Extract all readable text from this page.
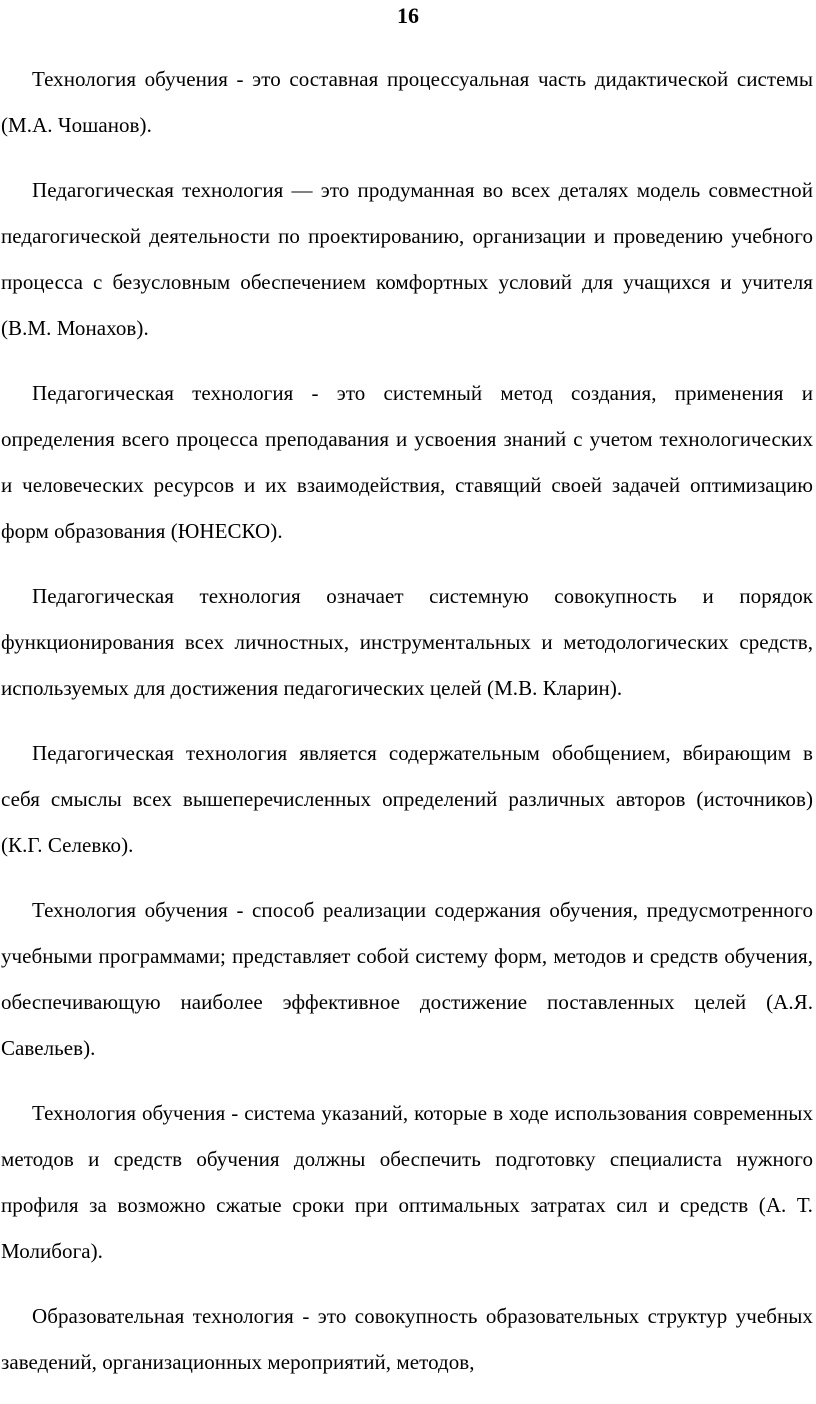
16

Технология обучения - это составная процессуальная часть дидактической системы (М.А. Чошанов).

Педагогическая технология — это продуманная во всех деталях модель совместной педагогической деятельности по проектированию, организации и проведению учебного процесса с безусловным обеспечением комфортных условий для учащихся и учителя (В.М. Монахов).

Педагогическая технология - это системный метод создания, применения и определения всего процесса преподавания и усвоения знаний с учетом технологических и человеческих ресурсов и их взаимодействия, ставящий своей задачей оптимизацию форм образования (ЮНЕСКО).

Педагогическая технология означает системную совокупность и порядок функционирования всех личностных, инструментальных и методологических средств, используемых для достижения педагогических целей (М.В. Кларин).

Педагогическая технология является содержательным обобщением, вбирающим в себя смыслы всех вышеперечисленных определений различных авторов (источников) (К.Г. Селевко).

Технология обучения - способ реализации содержания обучения, предусмотренного учебными программами; представляет собой систему форм, методов и средств обучения, обеспечивающую наиболее эффективное достижение поставленных целей (А.Я. Савельев).

Технология обучения - система указаний, которые в ходе использования современных методов и средств обучения должны обеспечить подготовку специалиста нужного профиля за возможно сжатые сроки при оптимальных затратах сил и средств (А. Т. Молибога).

Образовательная технология - это совокупность образовательных структур учебных заведений, организационных мероприятий, методов,
